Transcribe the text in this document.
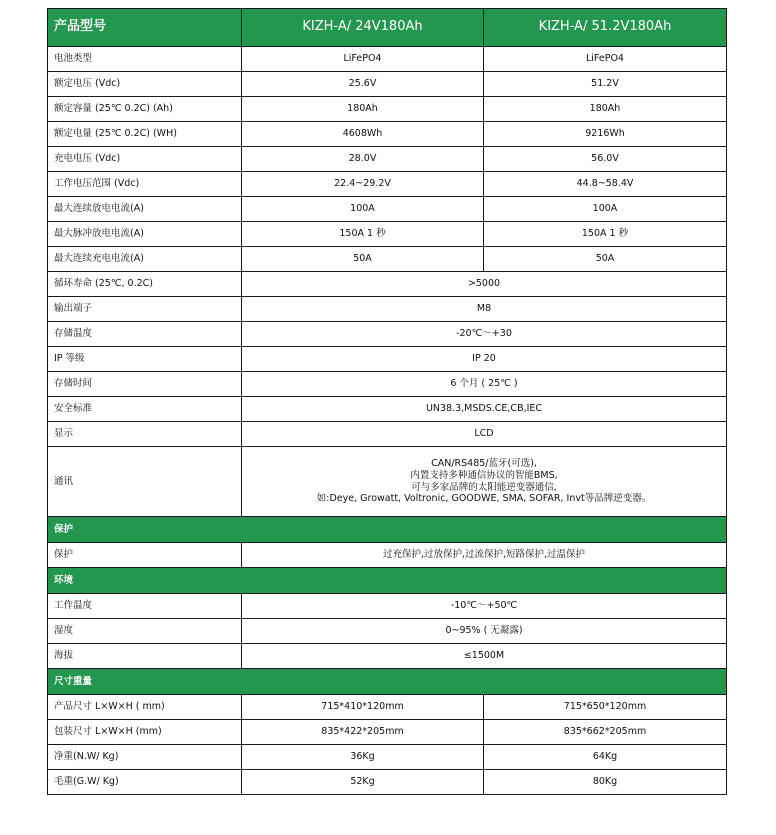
产品型号	KIZH-A/ 24V180Ah	KIZH-A/ 51.2V180Ah
电池类型	LiFePO4	LiFePO4
额定电压 (Vdc)	25.6V	51.2V
额定容量 (25℃ 0.2C) (Ah)	180Ah	180Ah
额定电量 (25℃ 0.2C) (WH)	4608Wh	9216Wh
充电电压 (Vdc)	28.0V	56.0V
工作电压范围 (Vdc)	22.4~29.2V	44.8~58.4V
最大连续放电电流(A)	100A	100A
最大脉冲放电电流(A)	150A 1 秒	150A 1 秒
最大连续充电电流(A)	50A	50A
循环寿命 (25℃, 0.2C)	>5000	
输出端子	M8	
存储温度	-20℃～+30	
IP 等级	IP 20	
存储时间	6 个月 ( 25℃ )	
安全标准	UN38.3,MSDS.CE,CB,IEC	
显示	LCD	
通讯	CAN/RS485/蓝牙(可选),
内置支持多种通信协议的智能BMS,
可与多家品牌的太阳能逆变器通信,
如:Deye, Growatt, Voltronic, GOODWE, SMA, SOFAR, Invt等品牌逆变器。	

保护		
保护	过充保护,过放保护,过流保护,短路保护,过温保护	
环境		
工作温度	-10℃～+50℃	
湿度	0~95% ( 无凝露)	
海拔	≤1500M	
尺寸重量		
产品尺寸 L×W×H ( mm)	715*410*120mm	715*650*120mm
包装尺寸 L×W×H (mm)	835*422*205mm	835*662*205mm
净重(N.W/ Kg)	36Kg	64Kg
毛重(G.W/ Kg)	52Kg	80Kg
